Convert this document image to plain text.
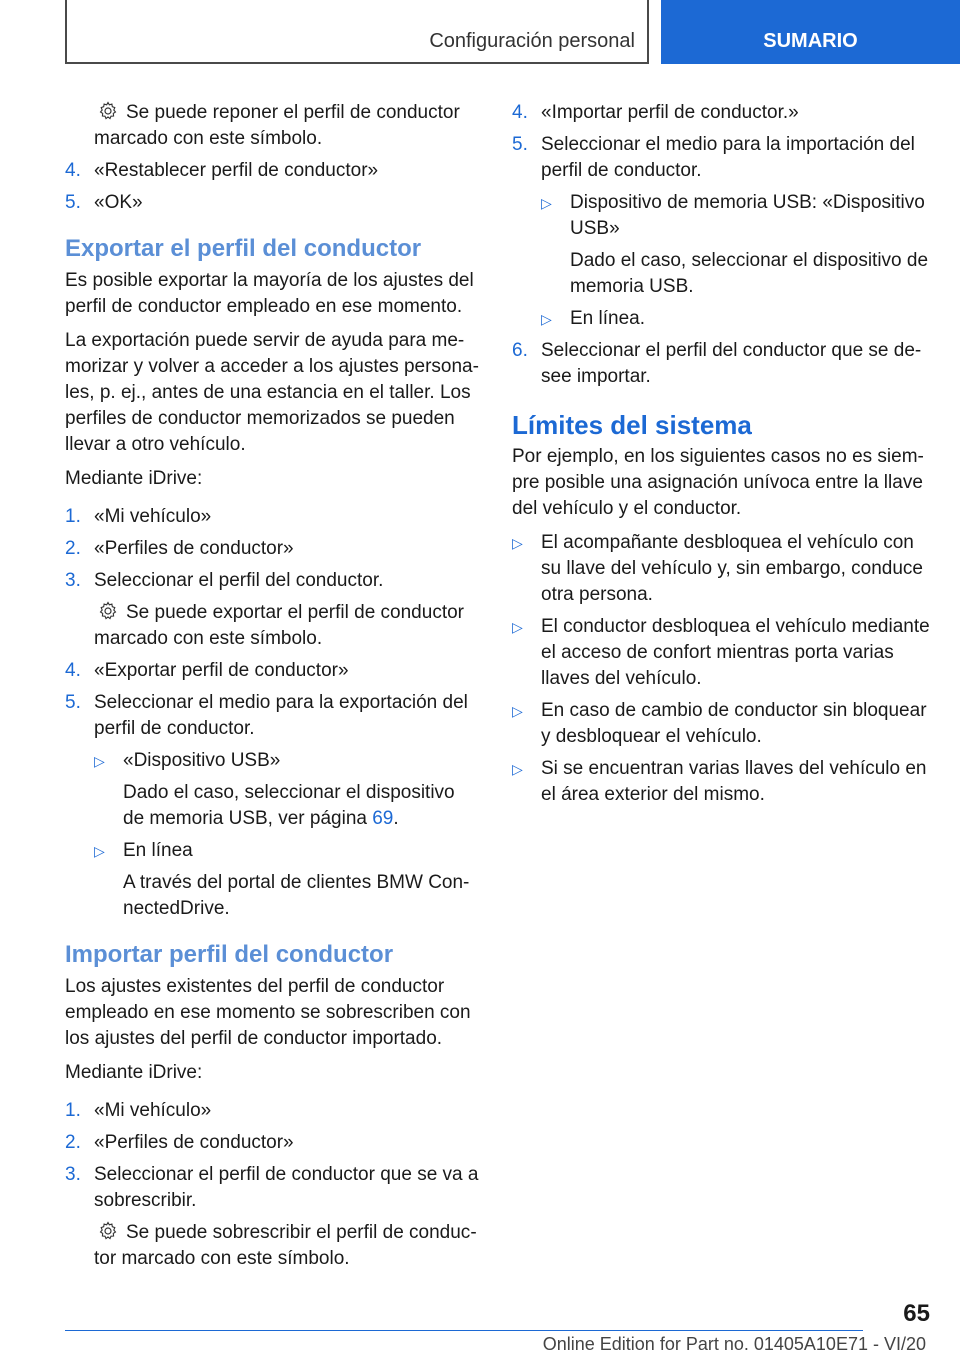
Configuración personal	SUMARIO
Se puede reponer el perfil de conductor marcado con este símbolo.
4. «Restablecer perfil de conductor»
5. «OK»
Exportar el perfil del conductor

Es posible exportar la mayoría de los ajustes del perfil de conductor empleado en ese momento.

La exportación puede servir de ayuda para memorizar y volver a acceder a los ajustes personales, p. ej., antes de una estancia en el taller. Los perfiles de conductor memorizados se pueden llevar a otro vehículo.

Mediante iDrive:

1. «Mi vehículo»
2. «Perfiles de conductor»
3. Seleccionar el perfil del conductor.
Se puede exportar el perfil de conductor marcado con este símbolo.
4. «Exportar perfil de conductor»
5. Seleccionar el medio para la exportación del perfil de conductor.
▷ «Dispositivo USB»
Dado el caso, seleccionar el dispositivo de memoria USB, ver página 69.
▷ En línea
A través del portal de clientes BMW ConnectedDrive.
Importar perfil del conductor

Los ajustes existentes del perfil de conductor empleado en ese momento se sobrescriben con los ajustes del perfil de conductor importado.

Mediante iDrive:

1. «Mi vehículo»
2. «Perfiles de conductor»
3. Seleccionar el perfil de conductor que se va a sobrescribir.
Se puede sobrescribir el perfil de conductor marcado con este símbolo.
4. «Importar perfil de conductor.»
5. Seleccionar el medio para la importación del perfil de conductor.
▷ Dispositivo de memoria USB: «Dispositivo USB»
Dado el caso, seleccionar el dispositivo de memoria USB.
▷ En línea.
6. Seleccionar el perfil del conductor que se desee importar.
Límites del sistema

Por ejemplo, en los siguientes casos no es siempre posible una asignación unívoca entre la llave del vehículo y el conductor.

▷ El acompañante desbloquea el vehículo con su llave del vehículo y, sin embargo, conduce otra persona.
▷ El conductor desbloquea el vehículo mediante el acceso de confort mientras porta varias llaves del vehículo.
▷ En caso de cambio de conductor sin bloquear y desbloquear el vehículo.
▷ Si se encuentran varias llaves del vehículo en el área exterior del mismo.
65
Online Edition for Part no. 01405A10E71 - VI/20
